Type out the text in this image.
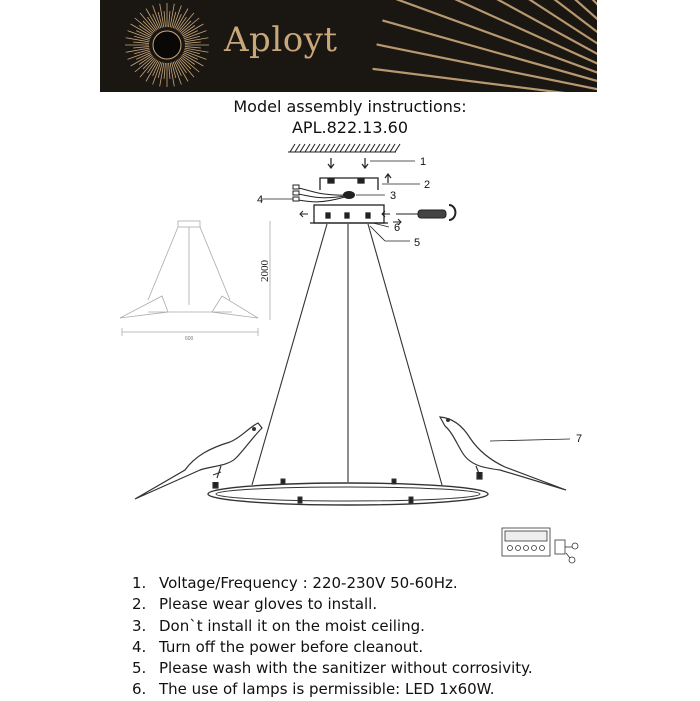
Aployt
Model assembly instructions:
APL.822.13.60
1
2
3
4
6
5
7
2000
600
1. Voltage/Frequency : 220-230V 50-60Hz.
2. Please wear gloves to install.
3. Don`t install it on the moist ceiling.
4. Turn off the power before cleanout.
5. Please wash with the sanitizer without corrosivity.
6. The use of lamps is permissible: LED 1x60W.
